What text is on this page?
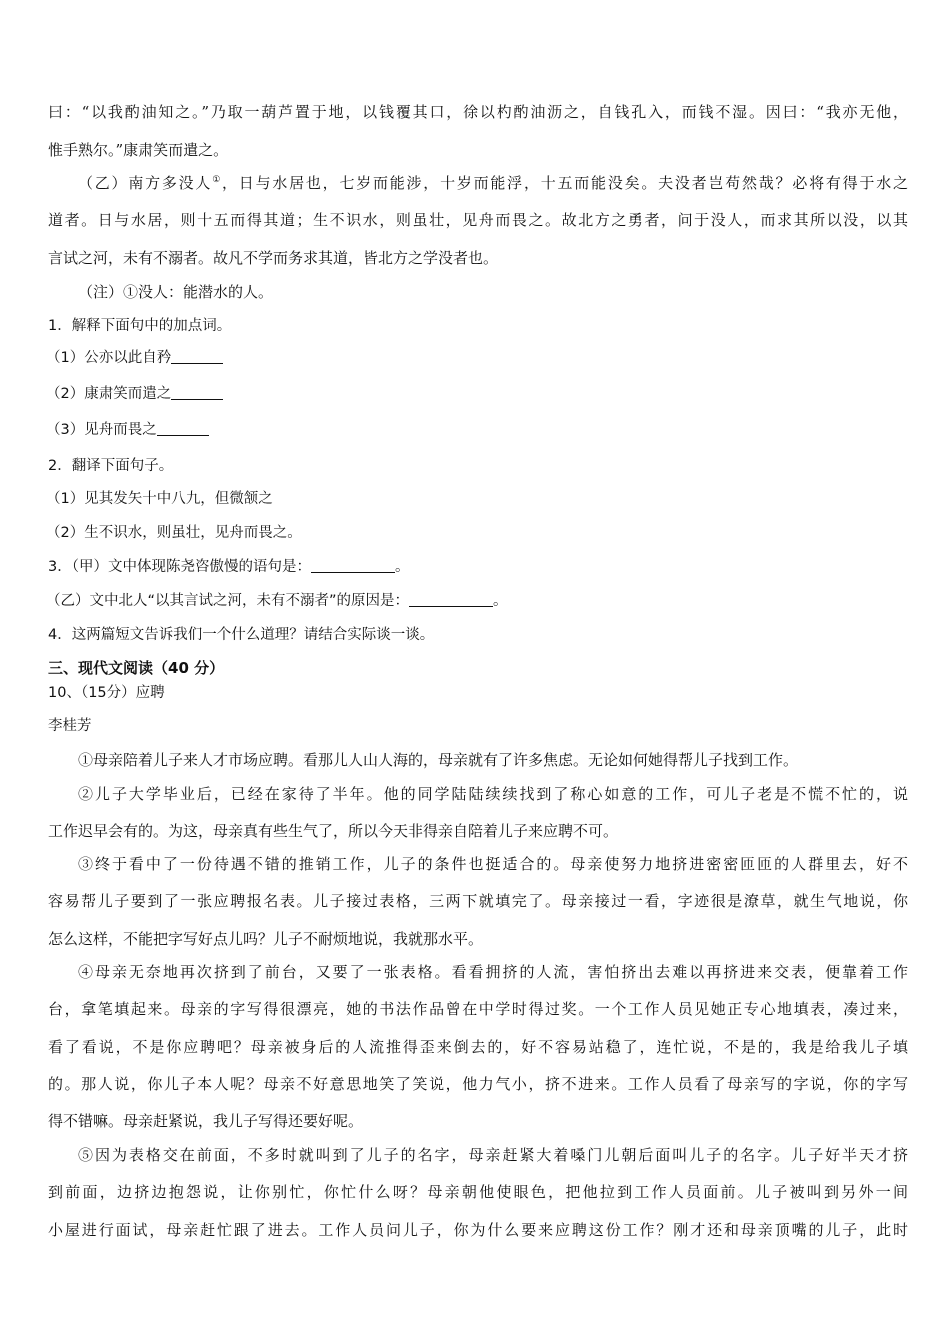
曰：“以我酌油知之。”乃取一葫芦置于地，以钱覆其口，徐以杓酌油沥之，自钱孔入，而钱不湿。因曰：“我亦无他，
惟手熟尔。”康肃笑而遣之。
（乙）南方多没人①，日与水居也，七岁而能涉，十岁而能浮，十五而能没矣。夫没者岂苟然哉？必将有得于水之
道者。日与水居，则十五而得其道；生不识水，则虽壮，见舟而畏之。故北方之勇者，问于没人，而求其所以没，以其
言试之河，未有不溺者。故凡不学而务求其道，皆北方之学没者也。
（注）①没人：能潜水的人。
1．解释下面句中的加点词。
（1）公亦以此自矜
（2）康肃笑而遣之
（3）见舟而畏之
2．翻译下面句子。
（1）见其发矢十中八九，但微颔之
（2）生不识水，则虽壮，见舟而畏之。
3．（甲）文中体现陈尧咨傲慢的语句是：	。
（乙）文中北人“以其言试之河，未有不溺者”的原因是：	。
4．这两篇短文告诉我们一个什么道理？请结合实际谈一谈。
三、现代文阅读（40 分）
10、（15分）应聘
李桂芳
①母亲陪着儿子来人才市场应聘。看那儿人山人海的，母亲就有了许多焦虑。无论如何她得帮儿子找到工作。
②儿子大学毕业后，已经在家待了半年。他的同学陆陆续续找到了称心如意的工作，可儿子老是不慌不忙的，说
工作迟早会有的。为这，母亲真有些生气了，所以今天非得亲自陪着儿子来应聘不可。
③终于看中了一份待遇不错的推销工作，儿子的条件也挺适合的。母亲使努力地挤进密密匝匝的人群里去，好不
容易帮儿子要到了一张应聘报名表。儿子接过表格，三两下就填完了。母亲接过一看，字迹很是潦草，就生气地说，你
怎么这样，不能把字写好点儿吗？儿子不耐烦地说，我就那水平。
④母亲无奈地再次挤到了前台，又要了一张表格。看看拥挤的人流，害怕挤出去难以再挤进来交表，便靠着工作
台，拿笔填起来。母亲的字写得很漂亮，她的书法作品曾在中学时得过奖。一个工作人员见她正专心地填表，凑过来，
看了看说，不是你应聘吧？母亲被身后的人流推得歪来倒去的，好不容易站稳了，连忙说，不是的，我是给我儿子填
的。那人说，你儿子本人呢？母亲不好意思地笑了笑说，他力气小，挤不进来。工作人员看了母亲写的字说，你的字写
得不错嘛。母亲赶紧说，我儿子写得还要好呢。
⑤因为表格交在前面，不多时就叫到了儿子的名字，母亲赶紧大着嗓门儿朝后面叫儿子的名字。儿子好半天才挤
到前面，边挤边抱怨说，让你别忙，你忙什么呀？母亲朝他使眼色，把他拉到工作人员面前。儿子被叫到另外一间
小屋进行面试，母亲赶忙跟了进去。工作人员问儿子，你为什么要来应聘这份工作？刚才还和母亲顶嘴的儿子，此时
